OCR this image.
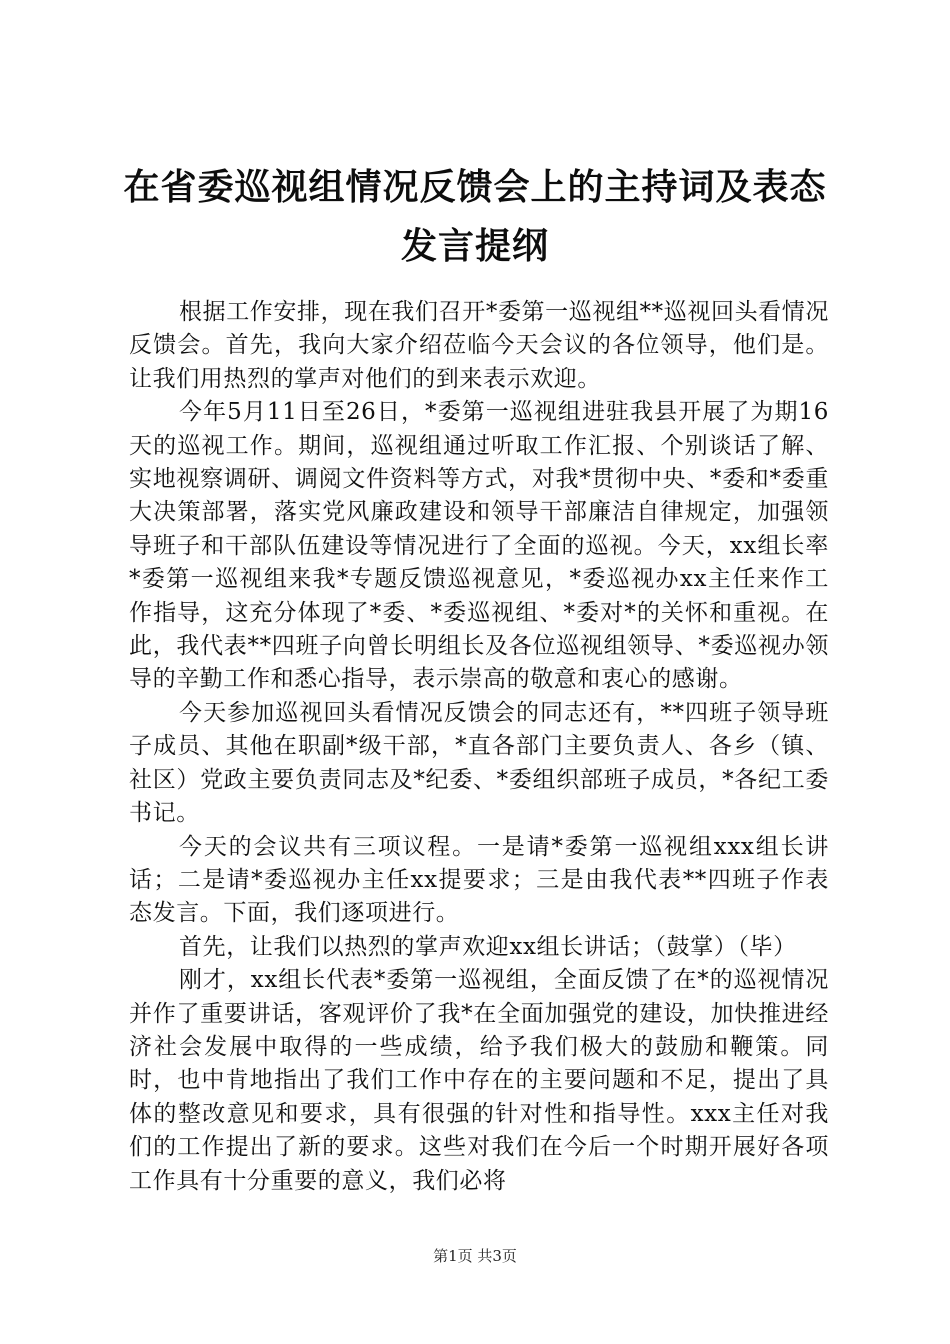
在省委巡视组情况反馈会上的主持词及表态发言提纲

根据工作安排，现在我们召开*委第一巡视组**巡视回头看情况反馈会。首先，我向大家介绍莅临今天会议的各位领导，他们是。让我们用热烈的掌声对他们的到来表示欢迎。

今年5月11日至26日，*委第一巡视组进驻我县开展了为期16天的巡视工作。期间，巡视组通过听取工作汇报、个别谈话了解、实地视察调研、调阅文件资料等方式，对我*贯彻中央、*委和*委重大决策部署，落实党风廉政建设和领导干部廉洁自律规定，加强领导班子和干部队伍建设等情况进行了全面的巡视。今天，xx组长率*委第一巡视组来我*专题反馈巡视意见，*委巡视办xx主任来作工作指导，这充分体现了*委、*委巡视组、*委对*的关怀和重视。在此，我代表**四班子向曾长明组长及各位巡视组领导、*委巡视办领导的辛勤工作和悉心指导，表示崇高的敬意和衷心的感谢。

今天参加巡视回头看情况反馈会的同志还有，**四班子领导班子成员、其他在职副*级干部，*直各部门主要负责人、各乡（镇、社区）党政主要负责同志及*纪委、*委组织部班子成员，*各纪工委书记。

今天的会议共有三项议程。一是请*委第一巡视组xxx组长讲话；二是请*委巡视办主任xx提要求；三是由我代表**四班子作表态发言。下面，我们逐项进行。

首先，让我们以热烈的掌声欢迎xx组长讲话；（鼓掌）（毕）

刚才，xx组长代表*委第一巡视组，全面反馈了在*的巡视情况并作了重要讲话，客观评价了我*在全面加强党的建设，加快推进经济社会发展中取得的一些成绩，给予我们极大的鼓励和鞭策。同时，也中肯地指出了我们工作中存在的主要问题和不足，提出了具体的整改意见和要求，具有很强的针对性和指导性。xxx主任对我们的工作提出了新的要求。这些对我们在今后一个时期开展好各项工作具有十分重要的意义，我们必将

第1页 共3页
